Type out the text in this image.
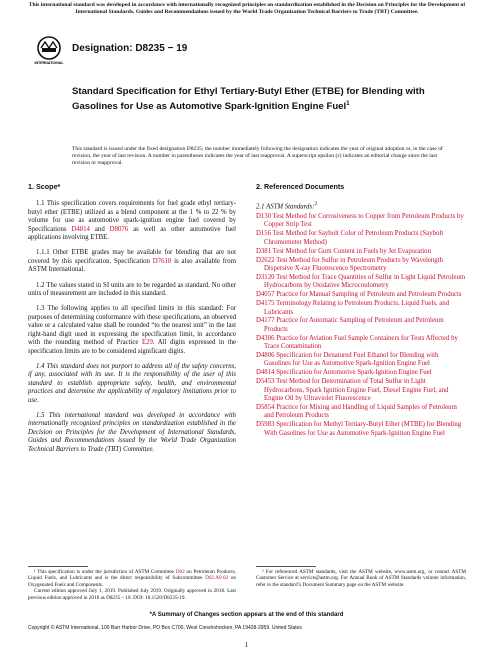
This international standard was developed in accordance with internationally recognized principles on standardization established in the Decision on Principles for the Development of International Standards, Guides and Recommendations issued by the World Trade Organization Technical Barriers to Trade (TBT) Committee.
INTERNATIONAL
Designation: D8235 − 19
Standard Specification for Ethyl Tertiary-Butyl Ether (ETBE) for Blending with Gasolines for Use as Automotive Spark-Ignition Engine Fuel$^1$
This standard is issued under the fixed designation D8235; the number immediately following the designation indicates the year of original adoption or, in the case of revision, the year of last revision. A number in parentheses indicates the year of last reapproval. A superscript epsilon (ε) indicates an editorial change since the last revision or reapproval.
1. Scope*

1.1 This specification covers requirements for fuel grade ethyl tertiary-butyl ether (ETBE) utilized as a blend component at the 1 % to 22 % by volume for use as automotive spark-ignition engine fuel covered by Specifications D4814 and D8076 as well as other automotive fuel applications involving ETBE.

1.1.1 Other ETBE grades may be available for blending that are not covered by this specification. Specification D7618 is also available from ASTM International.

1.2 The values stated in SI units are to be regarded as standard. No other units of measurement are included in this standard.

1.3 The following applies to all specified limits in this standard: For purposes of determining conformance with these specifications, an observed value or a calculated value shall be rounded “to the nearest unit” in the last right-hand digit used in expressing the specification limit, in accordance with the rounding method of Practice E29. All digits expressed in the specification limits are to be considered significant digits.

1.4 This standard does not purport to address all of the safety concerns, if any, associated with its use. It is the responsibility of the user of this standard to establish appropriate safety, health, and environmental practices and determine the applicability of regulatory limitations prior to use.

1.5 This international standard was developed in accordance with internationally recognized principles on standardization established in the Decision on Principles for the Development of International Standards, Guides and Recommendations issued by the World Trade Organization Technical Barriers to Trade (TBT) Committee.

2. Referenced Documents

2.1 ASTM Standards:$^2$

D130 Test Method for Corrosiveness to Copper from Petroleum Products by Copper Strip Test

D156 Test Method for Saybolt Color of Petroleum Products (Saybolt Chromometer Method)

D381 Test Method for Gum Content in Fuels by Jet Evaporation

D2622 Test Method for Sulfur in Petroleum Products by Wavelength Dispersive X-ray Fluorescence Spectrometry

D3120 Test Method for Trace Quantities of Sulfur in Light Liquid Petroleum Hydrocarbons by Oxidative Microcoulometry

D4057 Practice for Manual Sampling of Petroleum and Petroleum Products

D4175 Terminology Relating to Petroleum Products, Liquid Fuels, and Lubricants

D4177 Practice for Automatic Sampling of Petroleum and Petroleum Products

D4306 Practice for Aviation Fuel Sample Containers for Tests Affected by Trace Contamination

D4806 Specification for Denatured Fuel Ethanol for Blending with Gasolines for Use as Automotive Spark-Ignition Engine Fuel

D4814 Specification for Automotive Spark-Ignition Engine Fuel

D5453 Test Method for Determination of Total Sulfur in Light Hydrocarbons, Spark Ignition Engine Fuel, Diesel Engine Fuel, and Engine Oil by Ultraviolet Fluorescence

D5854 Practice for Mixing and Handling of Liquid Samples of Petroleum and Petroleum Products

D5983 Specification for Methyl Tertiary-Butyl Ether (MTBE) for Blending With Gasolines for Use as Automotive Spark-Ignition Engine Fuel

¹ This specification is under the jurisdiction of ASTM Committee D02 on Petroleum Products, Liquid Fuels, and Lubricants and is the direct responsibility of Subcommittee D02.A0.02 on Oxygenated Fuels and Components.
Current edition approved July 1, 2019. Published July 2019. Originally approved in 2018. Last previous edition approved in 2018 as D8235 – 18. DOI: 10.1520/D8235-19.
² For referenced ASTM standards, visit the ASTM website, www.astm.org, or contact ASTM Customer Service at service@astm.org. For Annual Book of ASTM Standards volume information, refer to the standard’s Document Summary page on the ASTM website.
*A Summary of Changes section appears at the end of this standard
Copyright © ASTM International, 100 Barr Harbor Drive, PO Box C700, West Conshohocken, PA 19428-2959. United States
1
